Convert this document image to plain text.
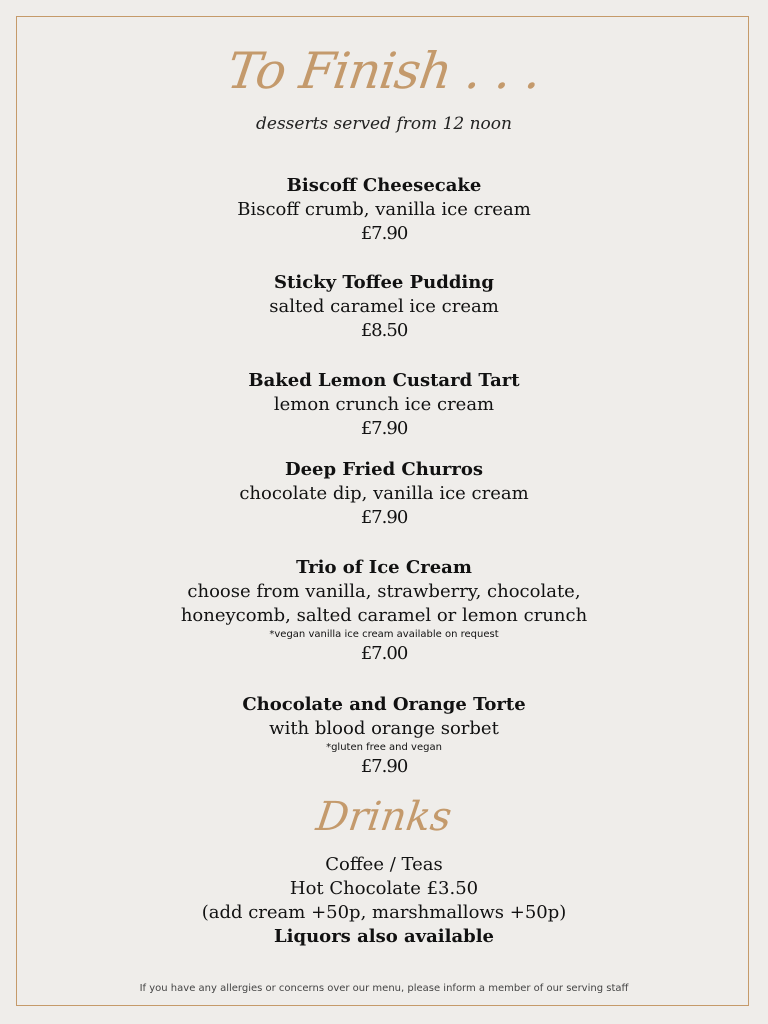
To Finish . . .
desserts served from 12 noon
Biscoff Cheesecake
Biscoff crumb, vanilla ice cream
£7.90
Sticky Toffee Pudding
salted caramel ice cream
£8.50
Baked Lemon Custard Tart
lemon crunch ice cream
£7.90
Deep Fried Churros
chocolate dip, vanilla ice cream
£7.90
Trio of Ice Cream
choose from vanilla, strawberry, chocolate,
honeycomb, salted caramel or lemon crunch
*vegan vanilla ice cream available on request
£7.00
Chocolate and Orange Torte
with blood orange sorbet
*gluten free and vegan
£7.90
Drinks
Coffee / Teas
Hot Chocolate £3.50
(add cream +50p, marshmallows +50p)
Liquors also available
If you have any allergies or concerns over our menu, please inform a member of our serving staff
